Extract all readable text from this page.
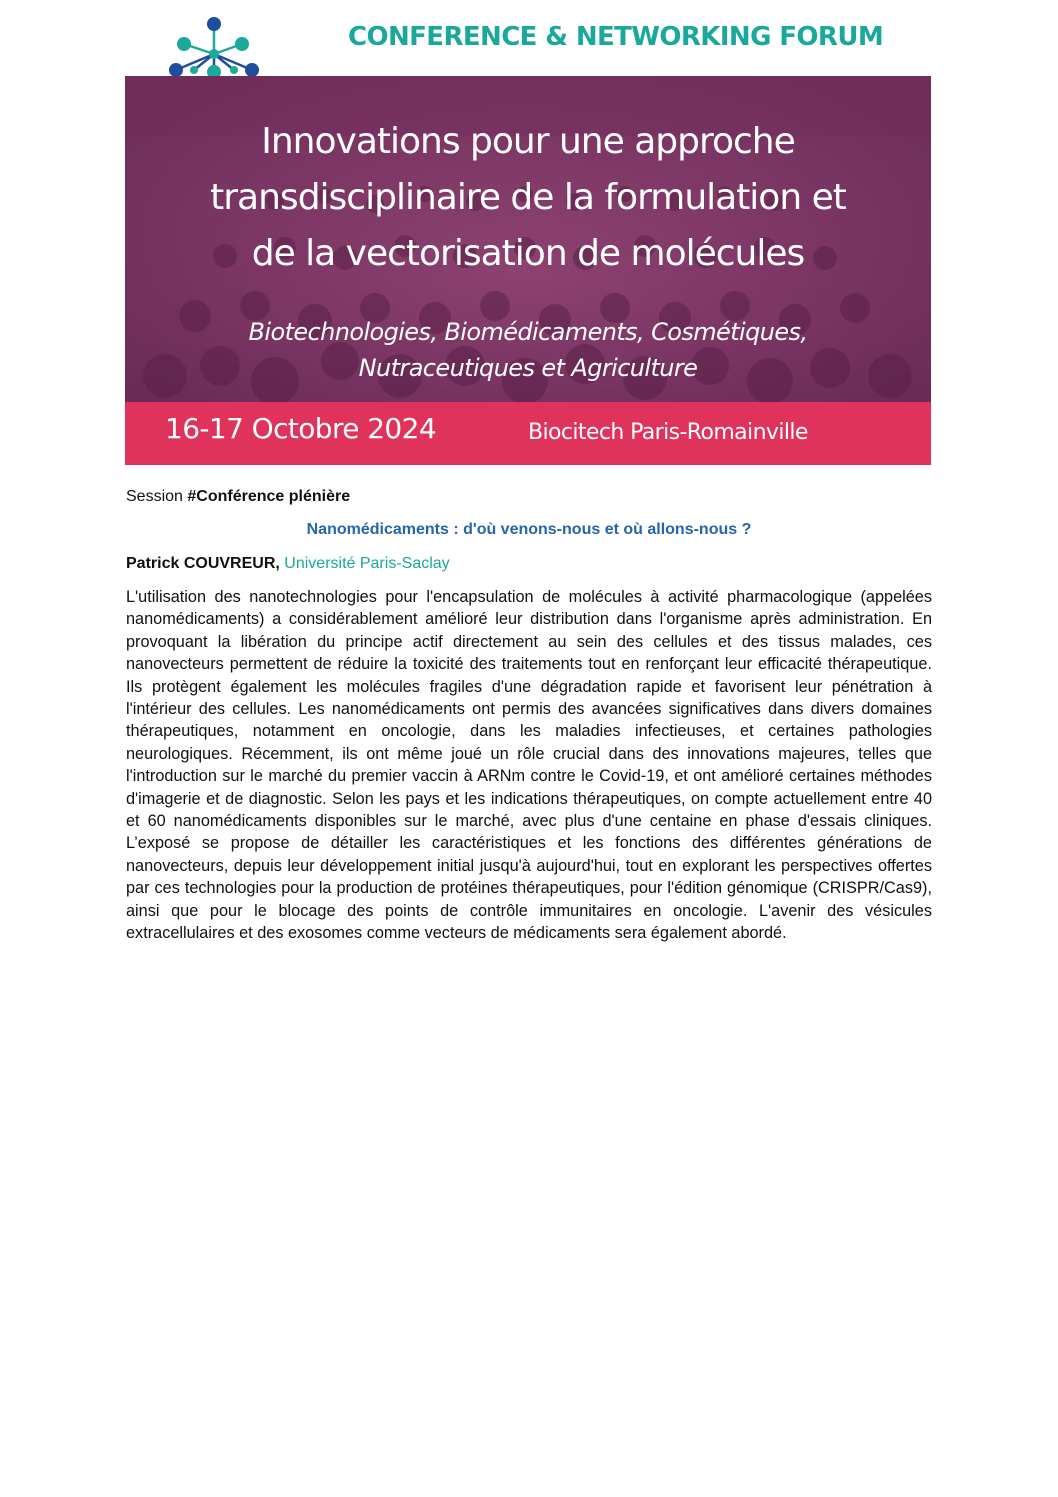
CONFERENCE & NETWORKING FORUM
Innovations pour une approche
transdisciplinaire de la formulation et
de la vectorisation de molécules
Biotechnologies, Biomédicaments, Cosmétiques,
Nutraceutiques et Agriculture
16-17 Octobre 2024	Biocitech Paris-Romainville
Session #Conférence plénière
Nanomédicaments : d'où venons-nous et où allons-nous ?
Patrick COUVREUR, Université Paris-Saclay

L'utilisation des nanotechnologies pour l'encapsulation de molécules à activité pharmacologique (appelées nanomédicaments) a considérablement amélioré leur distribution dans l'organisme après administration. En provoquant la libération du principe actif directement au sein des cellules et des tissus malades, ces nanovecteurs permettent de réduire la toxicité des traitements tout en renforçant leur efficacité thérapeutique. Ils protègent également les molécules fragiles d'une dégradation rapide et favorisent leur pénétration à l'intérieur des cellules. Les nanomédicaments ont permis des avancées significatives dans divers domaines thérapeutiques, notamment en oncologie, dans les maladies infectieuses, et certaines pathologies neurologiques. Récemment, ils ont même joué un rôle crucial dans des innovations majeures, telles que l'introduction sur le marché du premier vaccin à ARNm contre le Covid-19, et ont amélioré certaines méthodes d'imagerie et de diagnostic. Selon les pays et les indications thérapeutiques, on compte actuellement entre 40 et 60 nanomédicaments disponibles sur le marché, avec plus d'une centaine en phase d'essais cliniques. L’exposé se propose de détailler les caractéristiques et les fonctions des différentes générations de nanovecteurs, depuis leur développement initial jusqu'à aujourd'hui, tout en explorant les perspectives offertes par ces technologies pour la production de protéines thérapeutiques, pour l'édition génomique (CRISPR/Cas9), ainsi que pour le blocage des points de contrôle immunitaires en oncologie. L'avenir des vésicules extracellulaires et des exosomes comme vecteurs de médicaments sera également abordé.
